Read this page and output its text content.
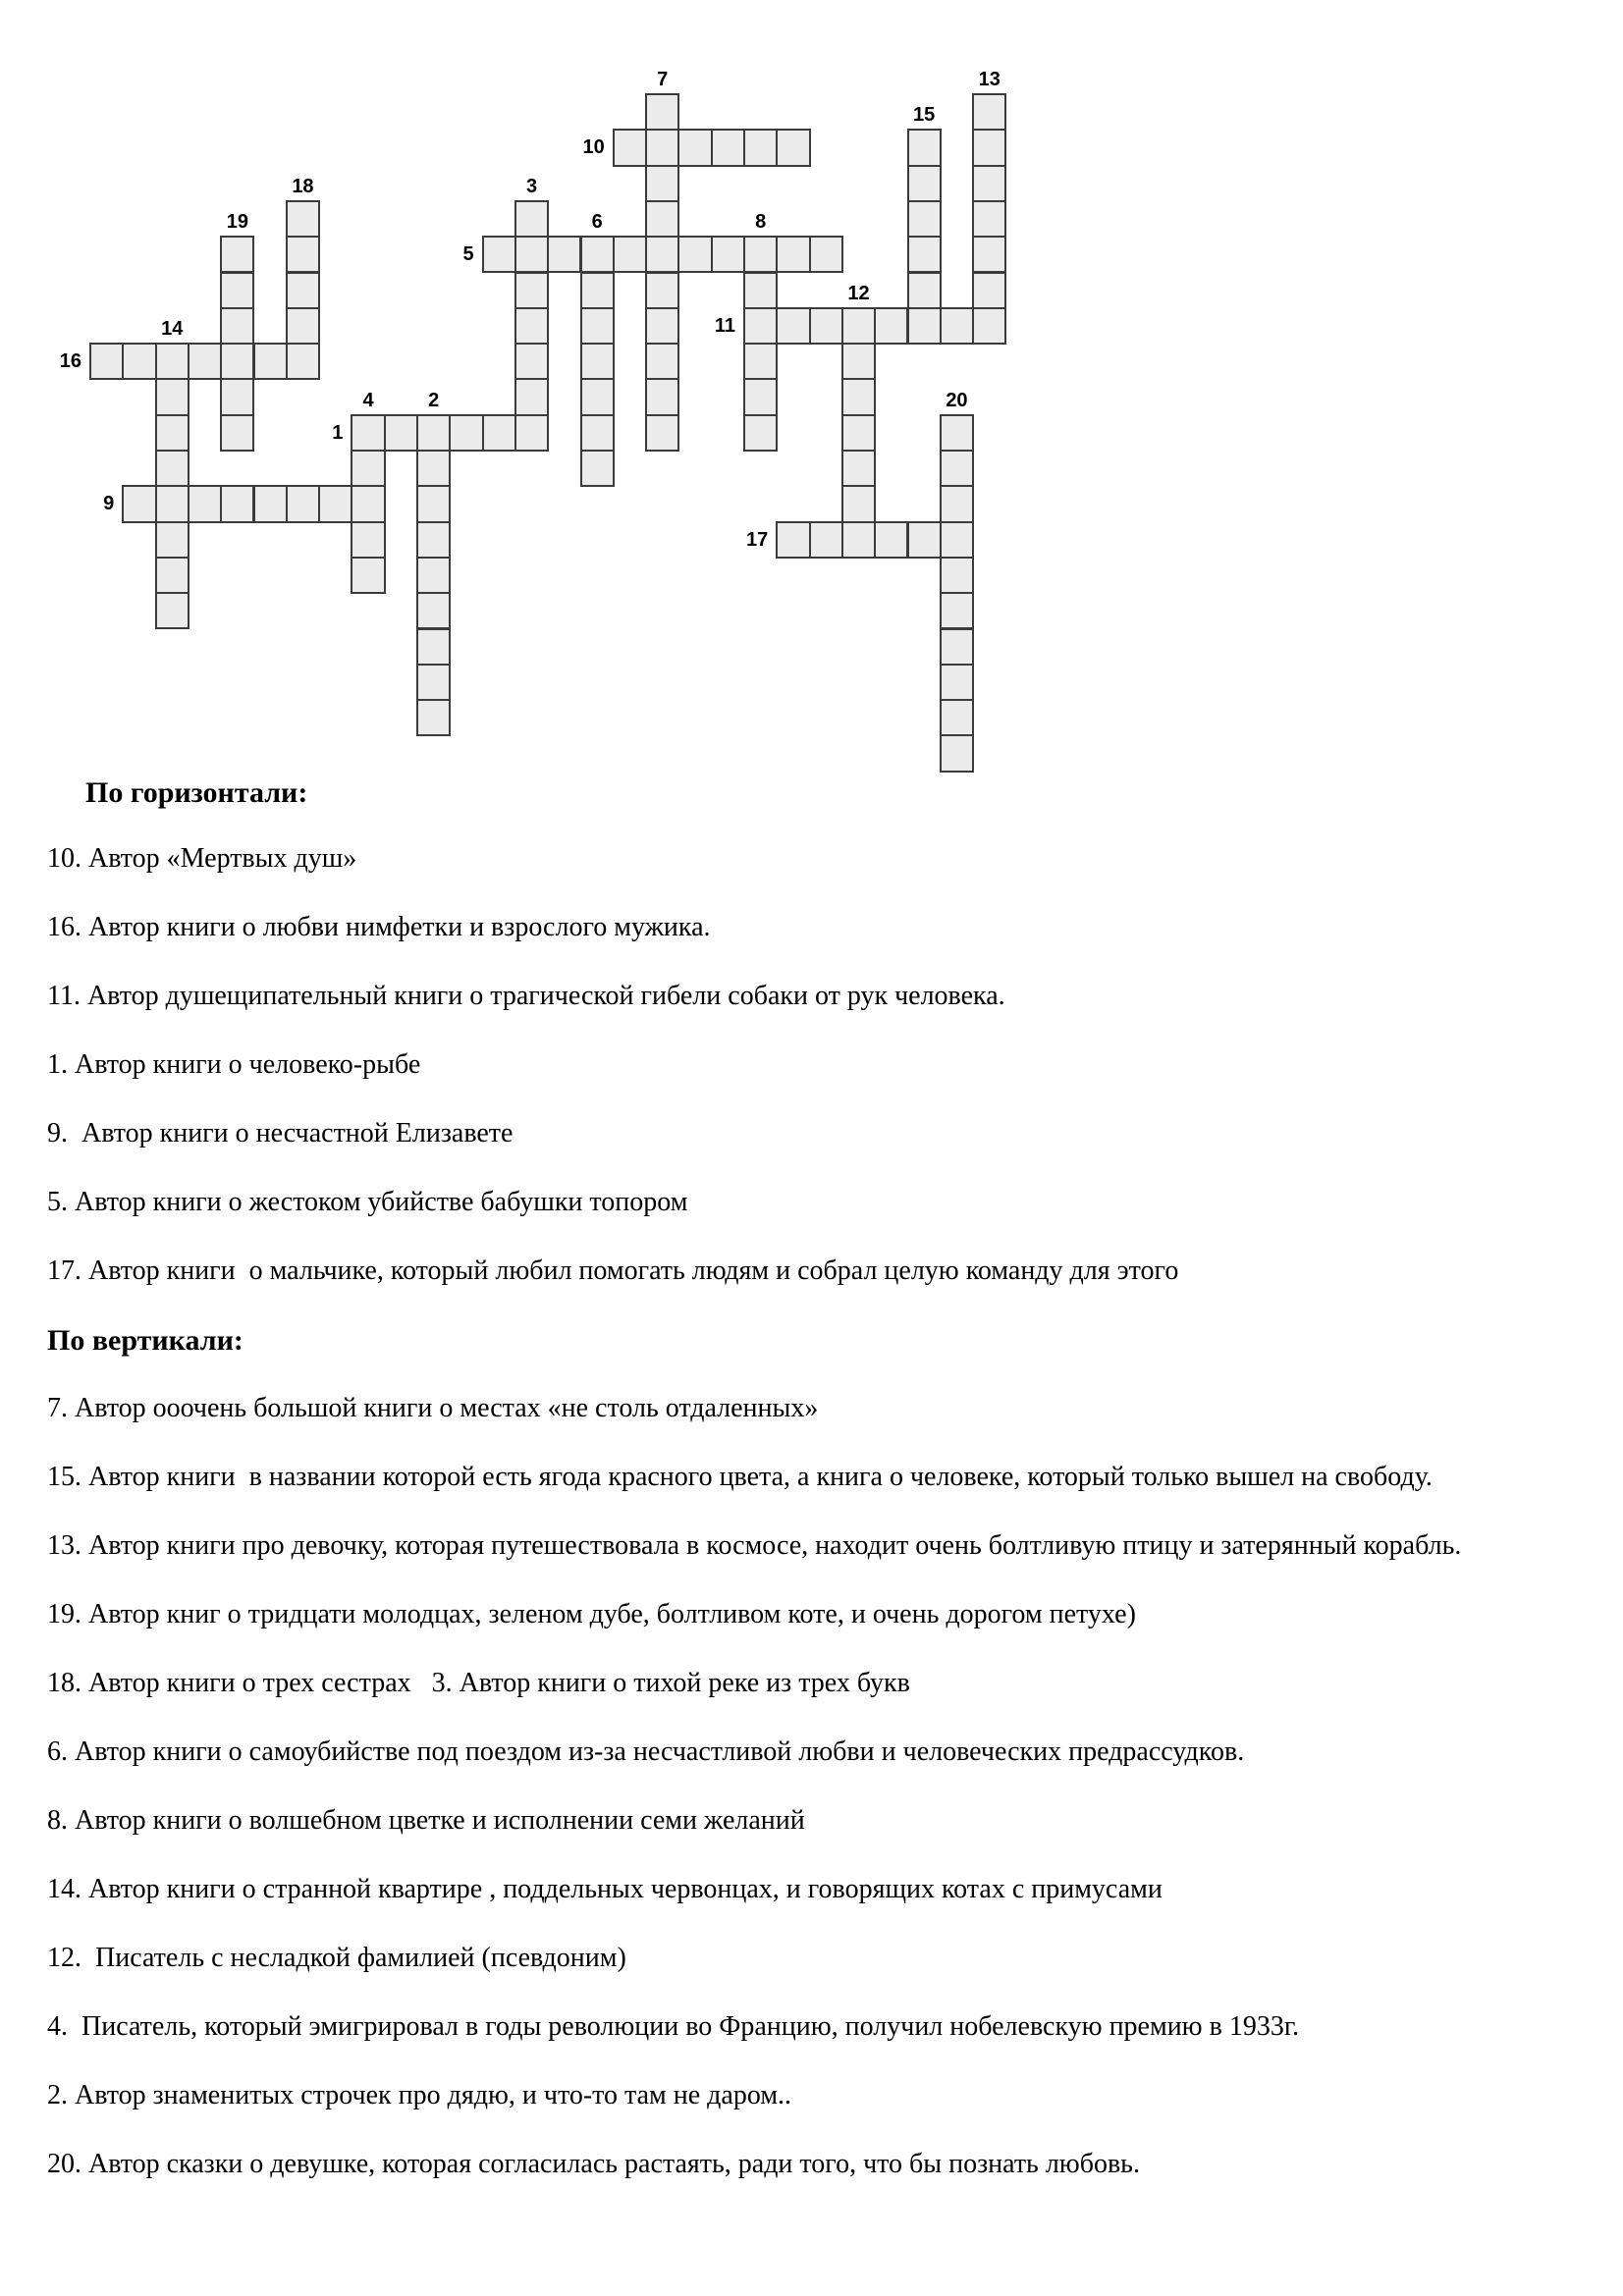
7	13
10
15
18	3
5
19	6	8
11
12
16
14
1
4	2	20
9
17
По горизонтали:
10. Автор «Мертвых душ»
16. Автор книги о любви нимфетки и взрослого мужика.
11. Автор душещипательный книги о трагической гибели собаки от рук человека.
1. Автор книги о человеко-рыбе
9.  Автор книги о несчастной Елизавете
5. Автор книги о жестоком убийстве бабушки топором
17. Автор книги  о мальчике, который любил помогать людям и собрал целую команду для этого
По вертикали:
7. Автор ооочень большой книги о местах «не столь отдаленных»
15. Автор книги  в названии которой есть ягода красного цвета, а книга о человеке, который только вышел на свободу.
13. Автор книги про девочку, которая путешествовала в космосе, находит очень болтливую птицу и затерянный корабль.
19. Автор книг о тридцати молодцах, зеленом дубе, болтливом коте, и очень дорогом петухе)
18. Автор книги о трех сестрах   3. Автор книги о тихой реке из трех букв
6. Автор книги о самоубийстве под поездом из-за несчастливой любви и человеческих предрассудков.
8. Автор книги о волшебном цветке и исполнении семи желаний
14. Автор книги о странной квартире , поддельных червонцах, и говорящих котах с примусами
12.  Писатель с несладкой фамилией (псевдоним)
4.  Писатель, который эмигрировал в годы революции во Францию, получил нобелевскую премию в 1933г.
2. Автор знаменитых строчек про дядю, и что-то там не даром..
20. Автор сказки о девушке, которая согласилась растаять, ради того, что бы познать любовь.
